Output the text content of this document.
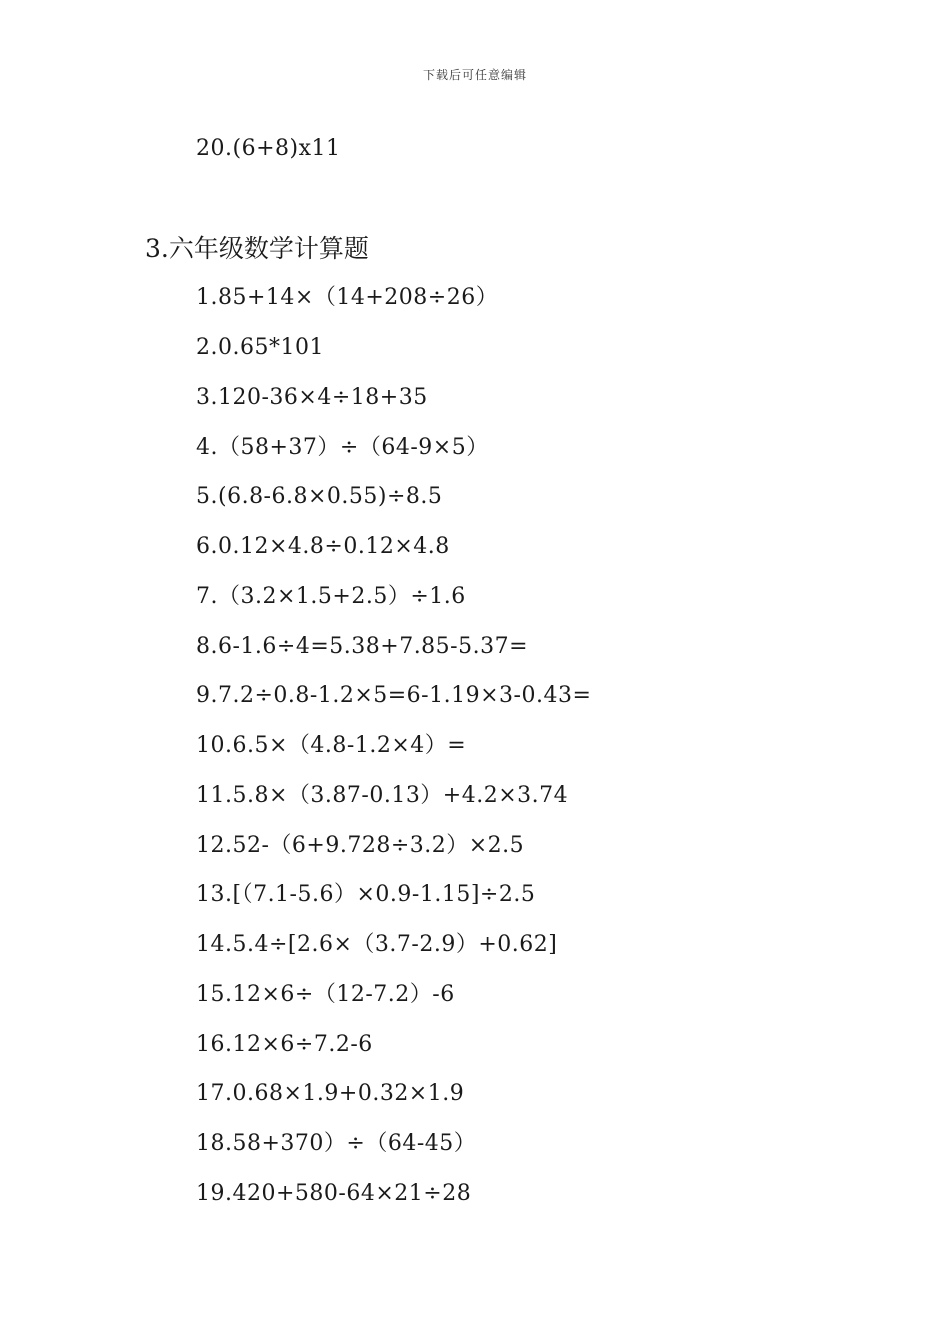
下载后可任意编辑
20.(6+8)x11
3.六年级数学计算题
1.85+14×（14+208÷26）
2.0.65*101
3.120-36×4÷18+35
4.（58+37）÷（64-9×5）
5.(6.8-6.8×0.55)÷8.5
6.0.12×4.8÷0.12×4.8
7.（3.2×1.5+2.5）÷1.6
8.6-1.6÷4=5.38+7.85-5.37=
9.7.2÷0.8-1.2×5=6-1.19×3-0.43=
10.6.5×（4.8-1.2×4）=
11.5.8×（3.87-0.13）+4.2×3.74
12.52-（6+9.728÷3.2）×2.5
13.[（7.1-5.6）×0.9-1.15]÷2.5
14.5.4÷[2.6×（3.7-2.9）+0.62]
15.12×6÷（12-7.2）-6
16.12×6÷7.2-6
17.0.68×1.9+0.32×1.9
18.58+370）÷（64-45）
19.420+580-64×21÷28
